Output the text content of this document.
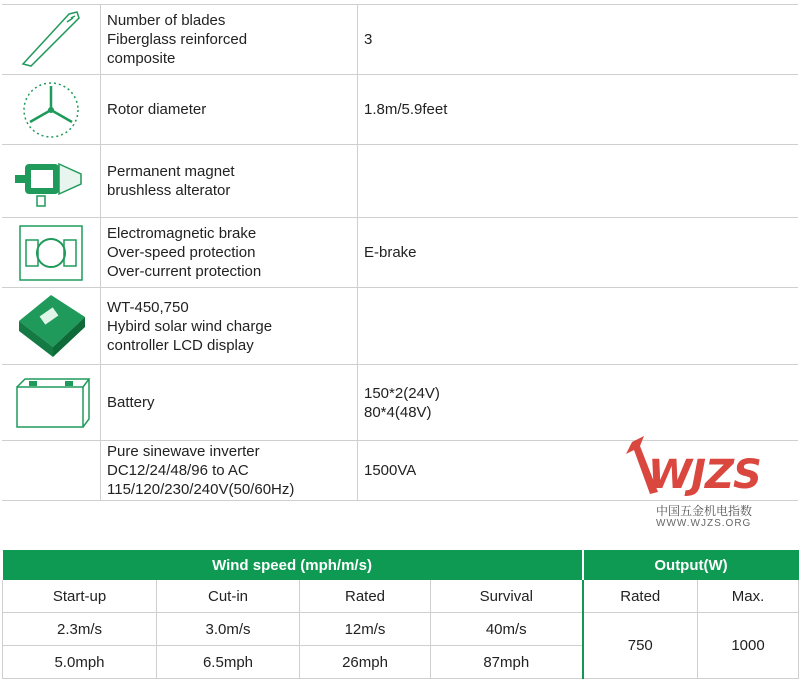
Number of blades
Fiberglass reinforced
composite	3

Rotor diameter	1.8m/5.9feet

Permanent magnet
brushless alterator	

Electromagnetic brake
Over-speed protection
Over-current protection	E-brake

WT-450,750
Hybird solar wind charge
controller LCD display	

Battery	150*2(24V)
80*4(48V)

	Pure sinewave inverter
DC12/24/48/96 to AC
115/120/230/240V(50/60Hz)	1500VA	WJZS
中国五金机电指数
WWW.WJZS.ORG
Wind speed (mph/m/s)				Output(W)	
Start-up	Cut-in	Rated	Survival	Rated	Max.
2.3m/s	3.0m/s	12m/s	40m/s	750	1000
5.0mph	6.5mph	26mph	87mph		
